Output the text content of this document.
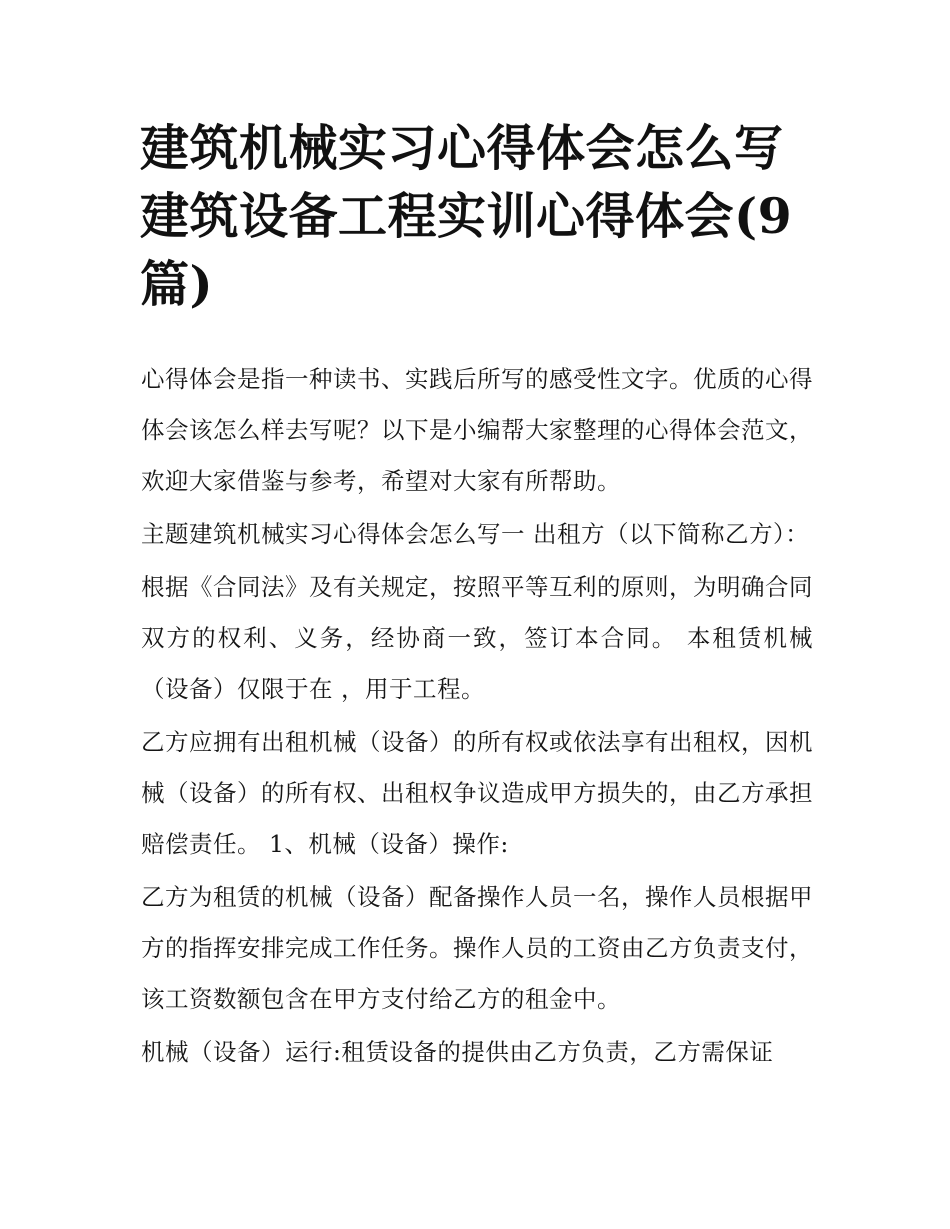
建筑机械实习心得体会怎么写建筑设备工程实训心得体会(9篇)

心得体会是指一种读书、实践后所写的感受性文字。优质的心得体会该怎么样去写呢？以下是小编帮大家整理的心得体会范文，欢迎大家借鉴与参考，希望对大家有所帮助。

主题建筑机械实习心得体会怎么写一 出租方（以下简称乙方）：

根据《合同法》及有关规定，按照平等互利的原则，为明确合同双方的权利、义务，经协商一致，签订本合同。 本租赁机械（设备）仅限于在 ，用于工程。

乙方应拥有出租机械（设备）的所有权或依法享有出租权，因机械（设备）的所有权、出租权争议造成甲方损失的，由乙方承担赔偿责任。 1、机械（设备）操作:

乙方为租赁的机械（设备）配备操作人员一名，操作人员根据甲方的指挥安排完成工作任务。操作人员的工资由乙方负责支付，该工资数额包含在甲方支付给乙方的租金中。

机械（设备）运行:租赁设备的提供由乙方负责，乙方需保证
